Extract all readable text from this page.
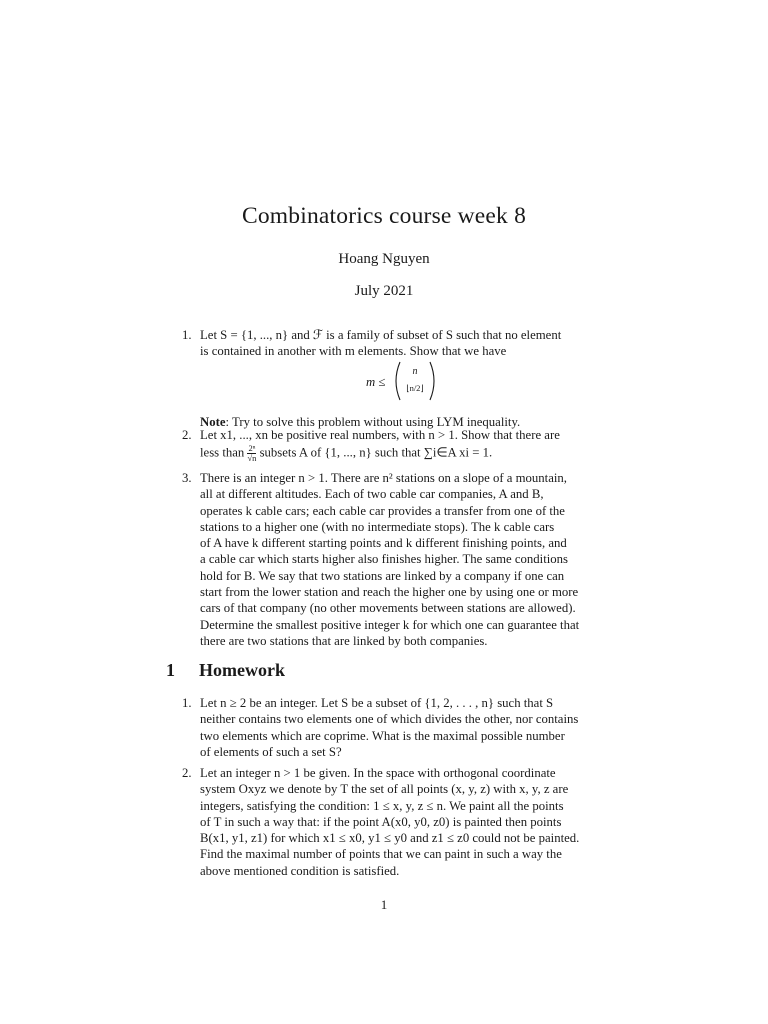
Combinatorics course week 8
Hoang Nguyen
July 2021
1. Let S = {1, ..., n} and ℱ is a family of subset of S such that no element
is contained in another with m elements. Show that we have
m ≤
n
⌊n/2⌋
Note: Try to solve this problem without using LYM inequality.
2. Let x1, ..., xn be positive real numbers, with n > 1. Show that there are
less than $\frac{\text{2ⁿ}}{√n}$ subsets A of {1, ..., n} such that ∑i∈A xi = 1.
3. There is an integer n > 1. There are n² stations on a slope of a mountain,
all at different altitudes. Each of two cable car companies, A and B,
operates k cable cars; each cable car provides a transfer from one of the
stations to a higher one (with no intermediate stops). The k cable cars
of A have k different starting points and k different finishing points, and
a cable car which starts higher also finishes higher. The same conditions
hold for B. We say that two stations are linked by a company if one can
start from the lower station and reach the higher one by using one or more
cars of that company (no other movements between stations are allowed).
Determine the smallest positive integer k for which one can guarantee that
there are two stations that are linked by both companies.
1 Homework
1. Let n ≥ 2 be an integer. Let S be a subset of {1, 2, . . . , n} such that S
neither contains two elements one of which divides the other, nor contains
two elements which are coprime. What is the maximal possible number
of elements of such a set S?
2. Let an integer n > 1 be given. In the space with orthogonal coordinate
system Oxyz we denote by T the set of all points (x, y, z) with x, y, z are
integers, satisfying the condition: 1 ≤ x, y, z ≤ n. We paint all the points
of T in such a way that: if the point A(x0, y0, z0) is painted then points
B(x1, y1, z1) for which x1 ≤ x0, y1 ≤ y0 and z1 ≤ z0 could not be painted.
Find the maximal number of points that we can paint in such a way the
above mentioned condition is satisfied.
1
